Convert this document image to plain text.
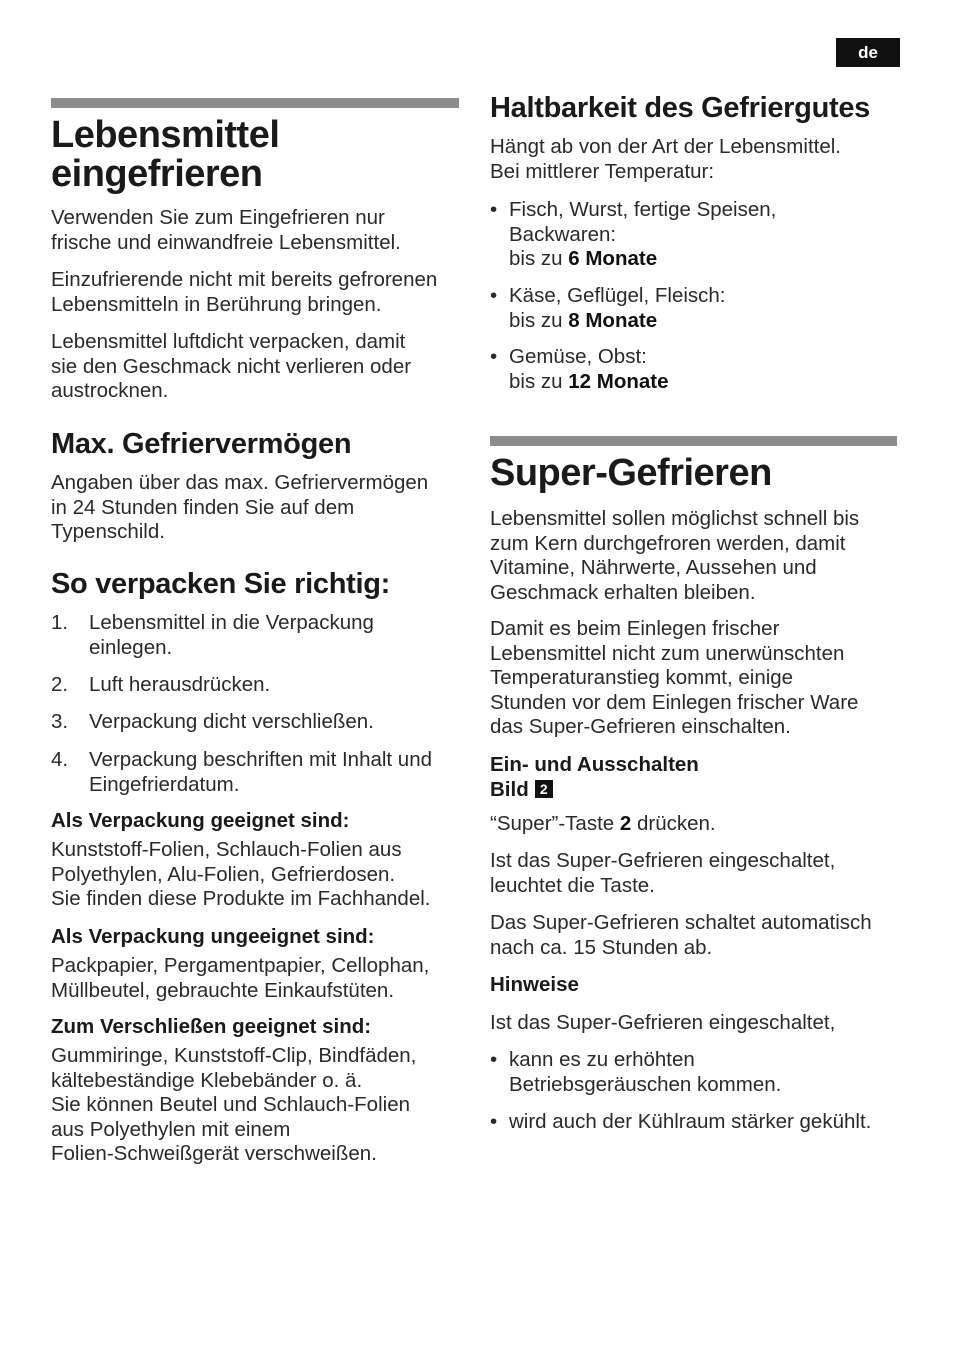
de
Lebensmittel
eingefrieren
Verwenden Sie zum Eingefrieren nur
frische und einwandfreie Lebensmittel.
Einzufrierende nicht mit bereits gefrorenen
Lebensmitteln in Berührung bringen.
Lebensmittel luftdicht verpacken, damit
sie den Geschmack nicht verlieren oder
austrocknen.
Max. Gefriervermögen
Angaben über das max. Gefriervermögen
in 24 Stunden finden Sie auf dem
Typenschild.
So verpacken Sie richtig:
1. Lebensmittel in die Verpackung
einlegen.
2. Luft herausdrücken.
3. Verpackung dicht verschließen.
4. Verpackung beschriften mit Inhalt und
Eingefrierdatum.
Als Verpackung geeignet sind:
Kunststoff-Folien, Schlauch-Folien aus
Polyethylen, Alu-Folien, Gefrierdosen.
Sie finden diese Produkte im Fachhandel.
Als Verpackung ungeeignet sind:
Packpapier, Pergamentpapier, Cellophan,
Müllbeutel, gebrauchte Einkaufstüten.
Zum Verschließen geeignet sind:
Gummiringe, Kunststoff-Clip, Bindfäden,
kältebeständige Klebebänder o. ä.
Sie können Beutel und Schlauch-Folien
aus Polyethylen mit einem
Folien-Schweißgerät verschweißen.
Haltbarkeit des Gefriergutes
Hängt ab von der Art der Lebensmittel.
Bei mittlerer Temperatur:
• Fisch, Wurst, fertige Speisen,
Backwaren:
bis zu 6 Monate
• Käse, Geflügel, Fleisch:
bis zu 8 Monate
• Gemüse, Obst:
bis zu 12 Monate
Super-Gefrieren
Lebensmittel sollen möglichst schnell bis
zum Kern durchgefroren werden, damit
Vitamine, Nährwerte, Aussehen und
Geschmack erhalten bleiben.
Damit es beim Einlegen frischer
Lebensmittel nicht zum unerwünschten
Temperaturanstieg kommt, einige
Stunden vor dem Einlegen frischer Ware
das Super-Gefrieren einschalten.
Ein- und Ausschalten
Bild 2
“Super”-Taste 2 drücken.
Ist das Super-Gefrieren eingeschaltet,
leuchtet die Taste.
Das Super-Gefrieren schaltet automatisch
nach ca. 15 Stunden ab.
Hinweise
Ist das Super-Gefrieren eingeschaltet,
• kann es zu erhöhten
Betriebsgeräuschen kommen.
• wird auch der Kühlraum stärker gekühlt.
